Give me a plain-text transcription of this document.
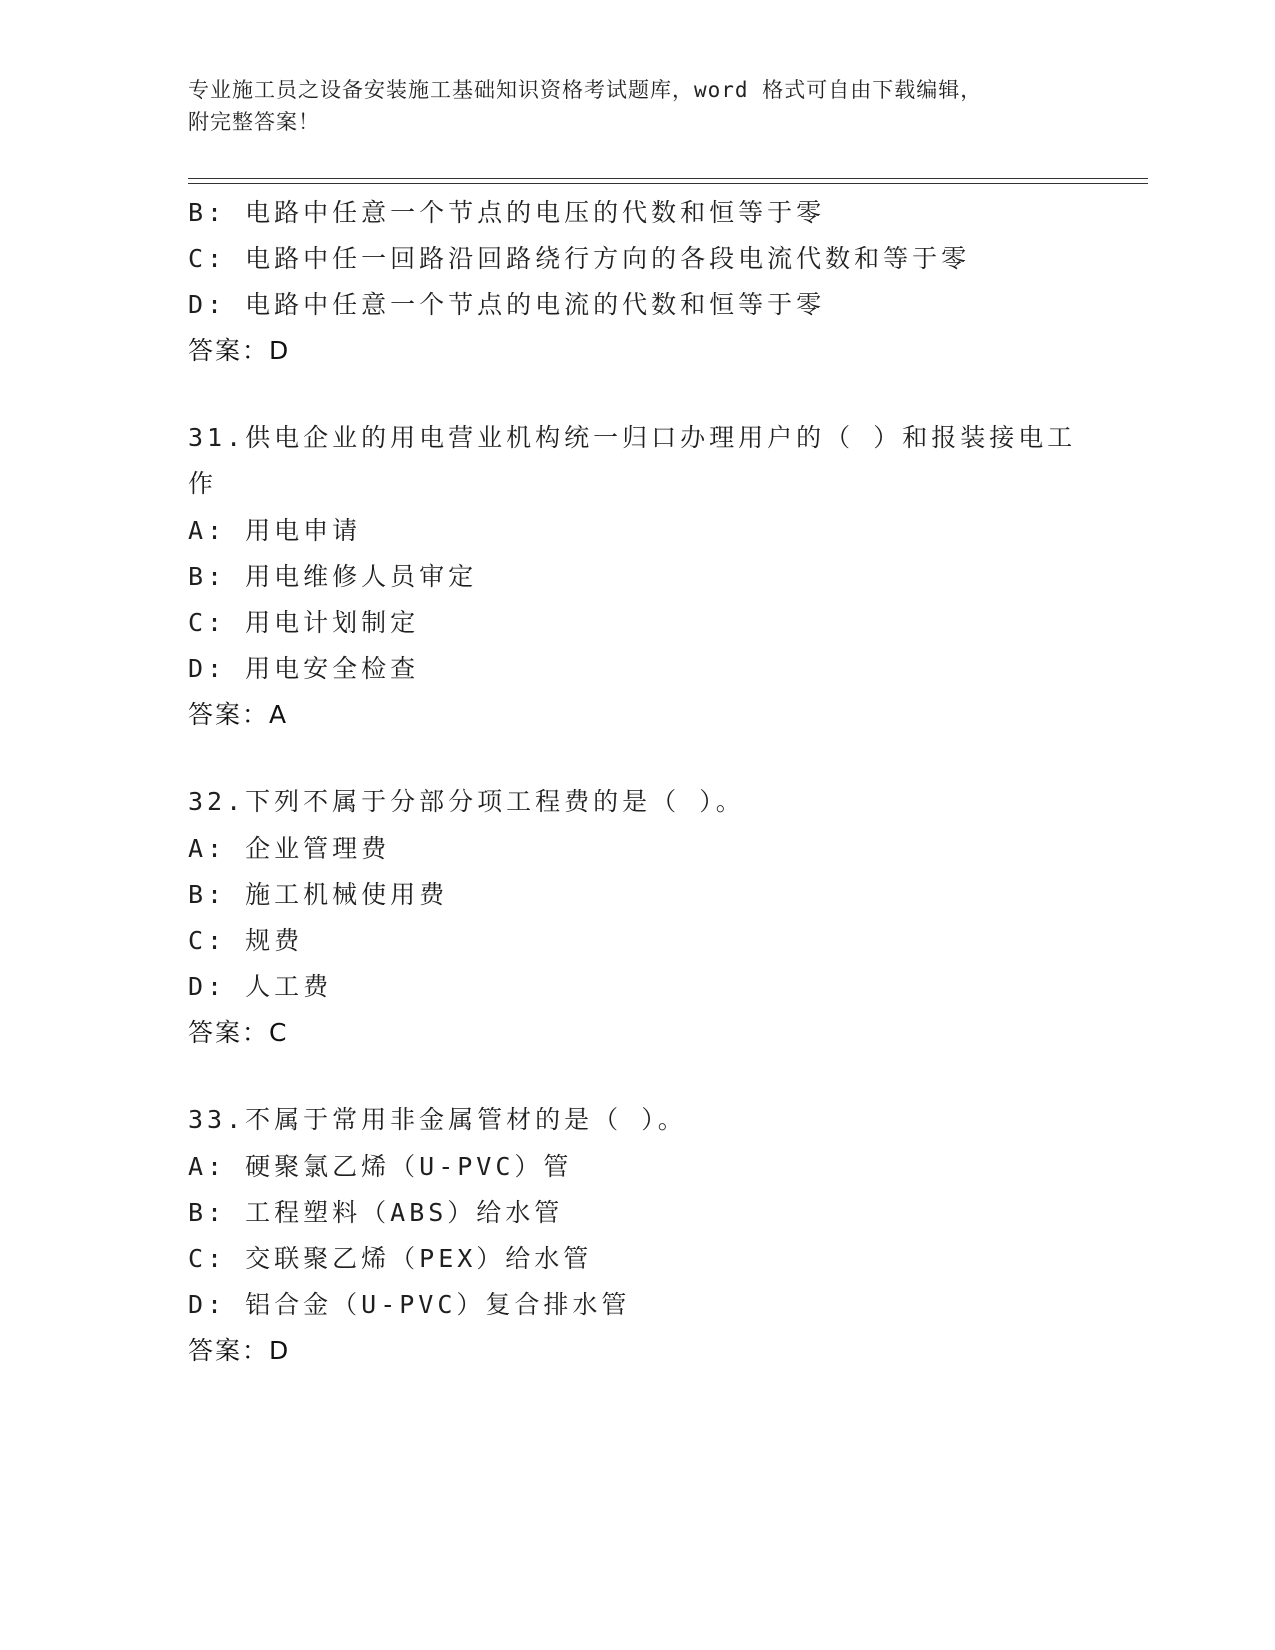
专业施工员之设备安装施工基础知识资格考试题库，word 格式可自由下载编辑，
附完整答案！
B: 电路中任意一个节点的电压的代数和恒等于零
C: 电路中任一回路沿回路绕行方向的各段电流代数和等于零
D: 电路中任意一个节点的电流的代数和恒等于零
答案：D
31.供电企业的用电营业机构统一归口办理用户的（ ）和报装接电工
作
A: 用电申请
B: 用电维修人员审定
C: 用电计划制定
D: 用电安全检查
答案：A
32.下列不属于分部分项工程费的是（ ）。
A: 企业管理费
B: 施工机械使用费
C: 规费
D: 人工费
答案：C
33.不属于常用非金属管材的是（ ）。
A: 硬聚氯乙烯（U-PVC）管
B: 工程塑料（ABS）给水管
C: 交联聚乙烯（PEX）给水管
D: 铝合金（U-PVC）复合排水管
答案：D
